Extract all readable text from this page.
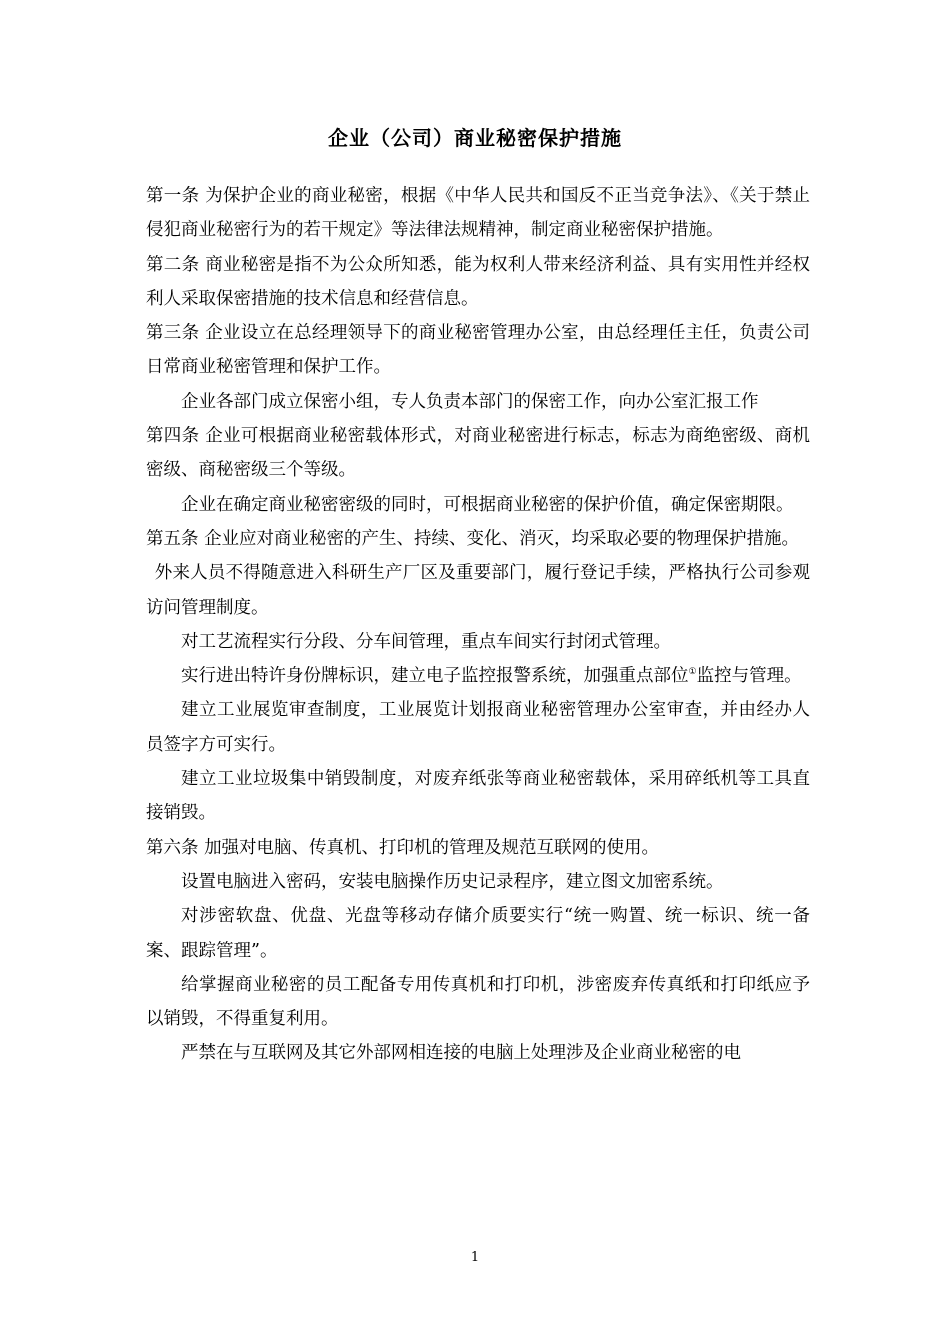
企业（公司）商业秘密保护措施

第一条 为保护企业的商业秘密，根据《中华人民共和国反不正当竞争法》、《关于禁止侵犯商业秘密行为的若干规定》等法律法规精神，制定商业秘密保护措施。

第二条 商业秘密是指不为公众所知悉，能为权利人带来经济利益、具有实用性并经权利人采取保密措施的技术信息和经营信息。

第三条 企业设立在总经理领导下的商业秘密管理办公室，由总经理任主任，负责公司日常商业秘密管理和保护工作。

企业各部门成立保密小组，专人负责本部门的保密工作，向办公室汇报工作

第四条 企业可根据商业秘密载体形式，对商业秘密进行标志，标志为商绝密级、商机密级、商秘密级三个等级。

企业在确定商业秘密密级的同时，可根据商业秘密的保护价值，确定保密期限。

第五条 企业应对商业秘密的产生、持续、变化、消灭，均采取必要的物理保护措施。

外来人员不得随意进入科研生产厂区及重要部门，履行登记手续，严格执行公司参观访问管理制度。

对工艺流程实行分段、分车间管理，重点车间实行封闭式管理。

实行进出特许身份牌标识，建立电子监控报警系统，加强重点部位①监控与管理。

建立工业展览审查制度，工业展览计划报商业秘密管理办公室审查，并由经办人员签字方可实行。

建立工业垃圾集中销毁制度，对废弃纸张等商业秘密载体，采用碎纸机等工具直接销毁。

第六条 加强对电脑、传真机、打印机的管理及规范互联网的使用。

设置电脑进入密码，安装电脑操作历史记录程序，建立图文加密系统。

对涉密软盘、优盘、光盘等移动存储介质要实行“统一购置、统一标识、统一备案、跟踪管理”。

给掌握商业秘密的员工配备专用传真机和打印机，涉密废弃传真纸和打印纸应予以销毁，不得重复利用。

严禁在与互联网及其它外部网相连接的电脑上处理涉及企业商业秘密的电

1
